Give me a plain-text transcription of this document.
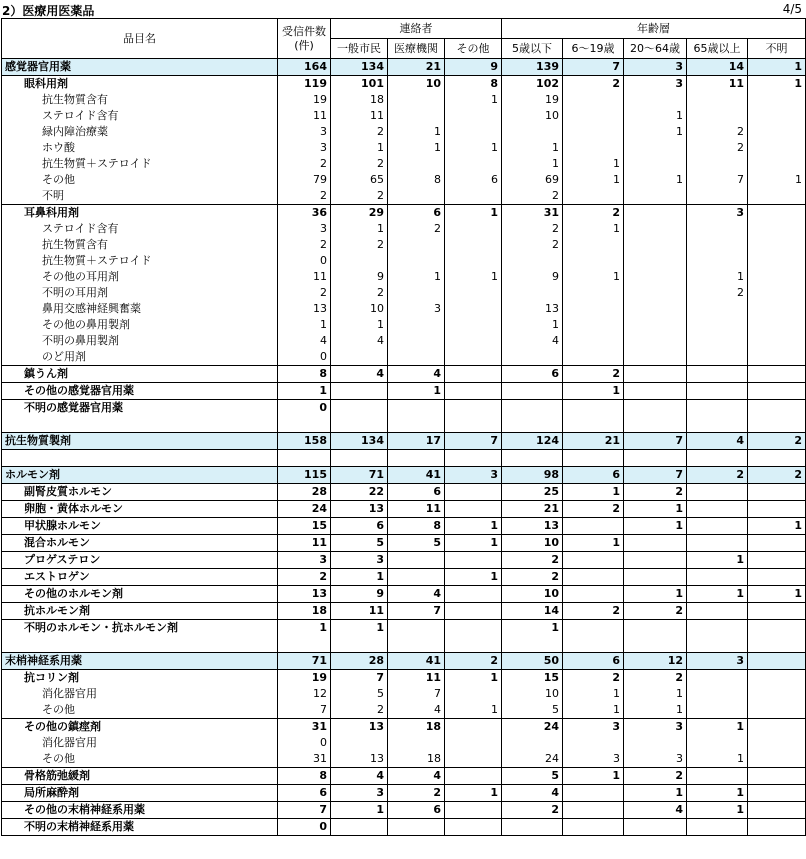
2）医療用医薬品	4/5
品目名	受信件数(件)	連絡者			年齢層				
		一般市民	医療機関	その他	5歳以下	6～19歳	20～64歳	65歳以上	不明
感覚器官用薬	164	134	21	9	139	7	3	14	1
眼科用剤	119	101	10	8	102	2	3	11	1
抗生物質含有	19	18		1	19				
ステロイド含有	11	11			10		1		
緑内障治療薬	3	2	1				1	2	
ホウ酸	3	1	1	1	1			2	
抗生物質＋ステロイド	2	2			1	1			
その他	79	65	8	6	69	1	1	7	1
不明	2	2			2				
耳鼻科用剤	36	29	6	1	31	2		3	
ステロイド含有	3	1	2		2	1			
抗生物質含有	2	2			2				
抗生物質＋ステロイド	0								
その他の耳用剤	11	9	1	1	9	1		1	
不明の耳用剤	2	2						2	
鼻用交感神経興奮薬	13	10	3		13				
その他の鼻用製剤	1	1			1				
不明の鼻用製剤	4	4			4				
のど用剤	0								
鎮うん剤	8	4	4		6	2			
その他の感覚器官用薬	1		1			1			
不明の感覚器官用薬	0								

抗生物質製剤	158	134	17	7	124	21	7	4	2

ホルモン剤	115	71	41	3	98	6	7	2	2
副腎皮質ホルモン	28	22	6		25	1	2		
卵胞・黄体ホルモン	24	13	11		21	2	1		
甲状腺ホルモン	15	6	8	1	13		1		1
混合ホルモン	11	5	5	1	10	1			
プロゲステロン	3	3			2			1	
エストロゲン	2	1		1	2				
その他のホルモン剤	13	9	4		10		1	1	1
抗ホルモン剤	18	11	7		14	2	2		
不明のホルモン・抗ホルモン剤	1	1			1				

末梢神経系用薬	71	28	41	2	50	6	12	3	
抗コリン剤	19	7	11	1	15	2	2		
消化器官用	12	5	7		10	1	1		
その他	7	2	4	1	5	1	1		
その他の鎮痙剤	31	13	18		24	3	3	1	
消化器官用	0								
その他	31	13	18		24	3	3	1	
骨格筋弛緩剤	8	4	4		5	1	2		
局所麻酔剤	6	3	2	1	4		1	1	
その他の末梢神経系用薬	7	1	6		2		4	1	
不明の末梢神経系用薬	0								
